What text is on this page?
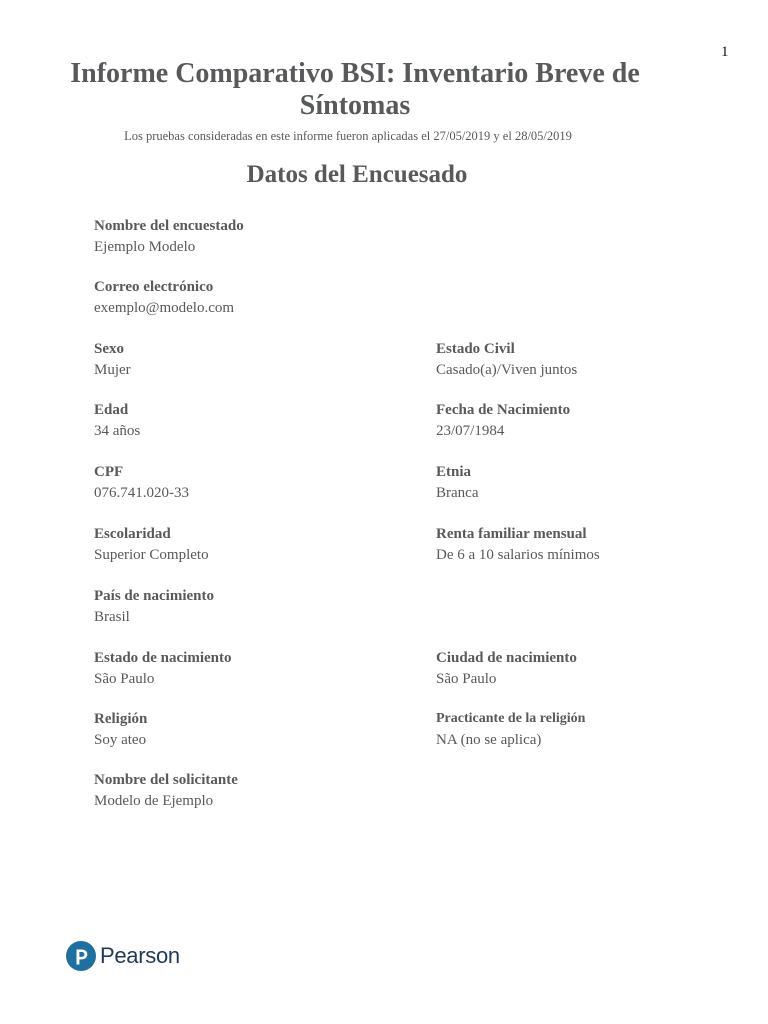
1
Informe Comparativo BSI: Inventario Breve de Síntomas
Los pruebas consideradas en este informe fueron aplicadas el 27/05/2019 y el 28/05/2019
Datos del Encuesado
Nombre del encuestado
Ejemplo Modelo
Correo electrónico
exemplo@modelo.com
Sexo
Mujer
Edad
34 años
CPF
076.741.020-33
Escolaridad
Superior Completo
País de nacimiento
Brasil
Estado de nacimiento
São Paulo
Religión
Soy ateo
Nombre del solicitante
Modelo de Ejemplo
Estado Civil
Casado(a)/Viven juntos
Fecha de Nacimiento
23/07/1984
Etnia
Branca
Renta familiar mensual
De 6 a 10 salarios mínimos
Ciudad de nacimiento
São Paulo
Practicante de la religión
NA (no se aplica)
Pearson
